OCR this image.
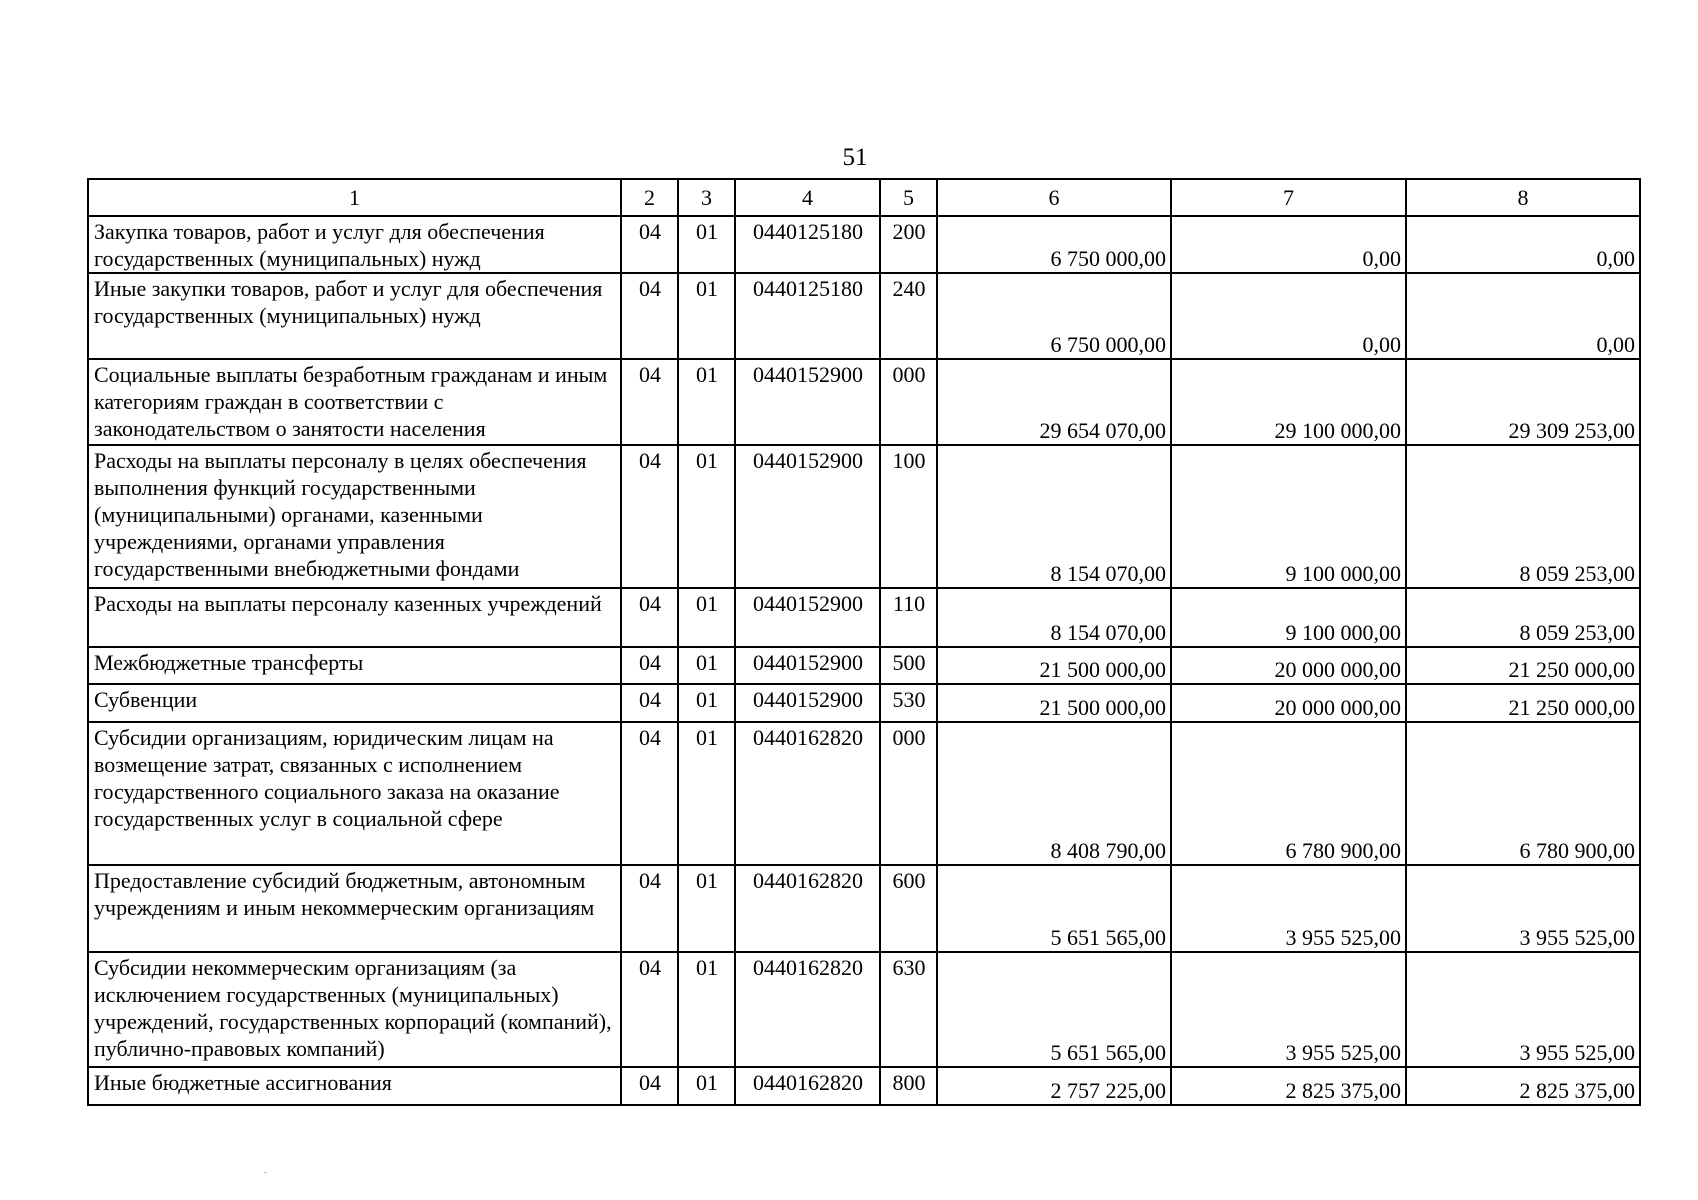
51
1	2	3	4	5	6	7	8
Закупка товаров, работ и услуг для обеспечения государственных (муниципальных) нужд	04	01	0440125180	200	6 750 000,00	0,00	0,00
Иные закупки товаров, работ и услуг для обеспечения государственных (муниципальных) нужд	04	01	0440125180	240	6 750 000,00	0,00	0,00
Социальные выплаты безработным гражданам и иным категориям граждан в соответствии с законодательством о занятости населения	04	01	0440152900	000	29 654 070,00	29 100 000,00	29 309 253,00
Расходы на выплаты персоналу в целях обеспечения выполнения функций государственными (муниципальными) органами, казенными учреждениями, органами управления государственными внебюджетными фондами	04	01	0440152900	100	8 154 070,00	9 100 000,00	8 059 253,00
Расходы на выплаты персоналу казенных учреждений	04	01	0440152900	110	8 154 070,00	9 100 000,00	8 059 253,00
Межбюджетные трансферты	04	01	0440152900	500	21 500 000,00	20 000 000,00	21 250 000,00
Субвенции	04	01	0440152900	530	21 500 000,00	20 000 000,00	21 250 000,00
Субсидии организациям, юридическим лицам на возмещение затрат, связанных с исполнением государственного социального заказа на оказание государственных услуг в социальной сфере	04	01	0440162820	000	8 408 790,00	6 780 900,00	6 780 900,00
Предоставление субсидий бюджетным, автономным учреждениям и иным некоммерческим организациям	04	01	0440162820	600	5 651 565,00	3 955 525,00	3 955 525,00
Субсидии некоммерческим организациям (за исключением государственных (муниципальных) учреждений, государственных корпораций (компаний), публично-правовых компаний)	04	01	0440162820	630	5 651 565,00	3 955 525,00	3 955 525,00
Иные бюджетные ассигнования	04	01	0440162820	800	2 757 225,00	2 825 375,00	2 825 375,00
